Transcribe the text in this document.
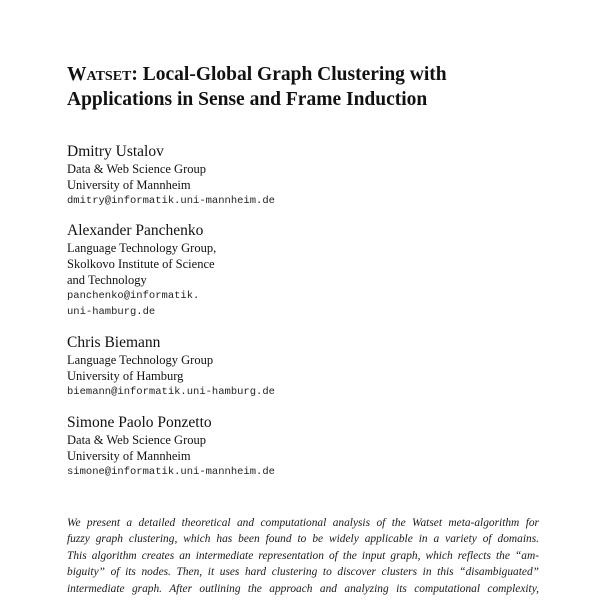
Watset: Local-Global Graph Clustering with
Applications in Sense and Frame Induction
Dmitry Ustalov
Data & Web Science Group
University of Mannheim
dmitry@informatik.uni-mannheim.de
Alexander Panchenko
Language Technology Group,
Skolkovo Institute of Science
and Technology
panchenko@informatik.
uni-hamburg.de
Chris Biemann
Language Technology Group
University of Hamburg
biemann@informatik.uni-hamburg.de
Simone Paolo Ponzetto
Data & Web Science Group
University of Mannheim
simone@informatik.uni-mannheim.de
We present a detailed theoretical and computational analysis of the Watset meta-algorithm for
fuzzy graph clustering, which has been found to be widely applicable in a variety of domains.
This algorithm creates an intermediate representation of the input graph, which reflects the “am-
biguity” of its nodes. Then, it uses hard clustering to discover clusters in this “disambiguated”
intermediate graph. After outlining the approach and analyzing its computational complexity,
